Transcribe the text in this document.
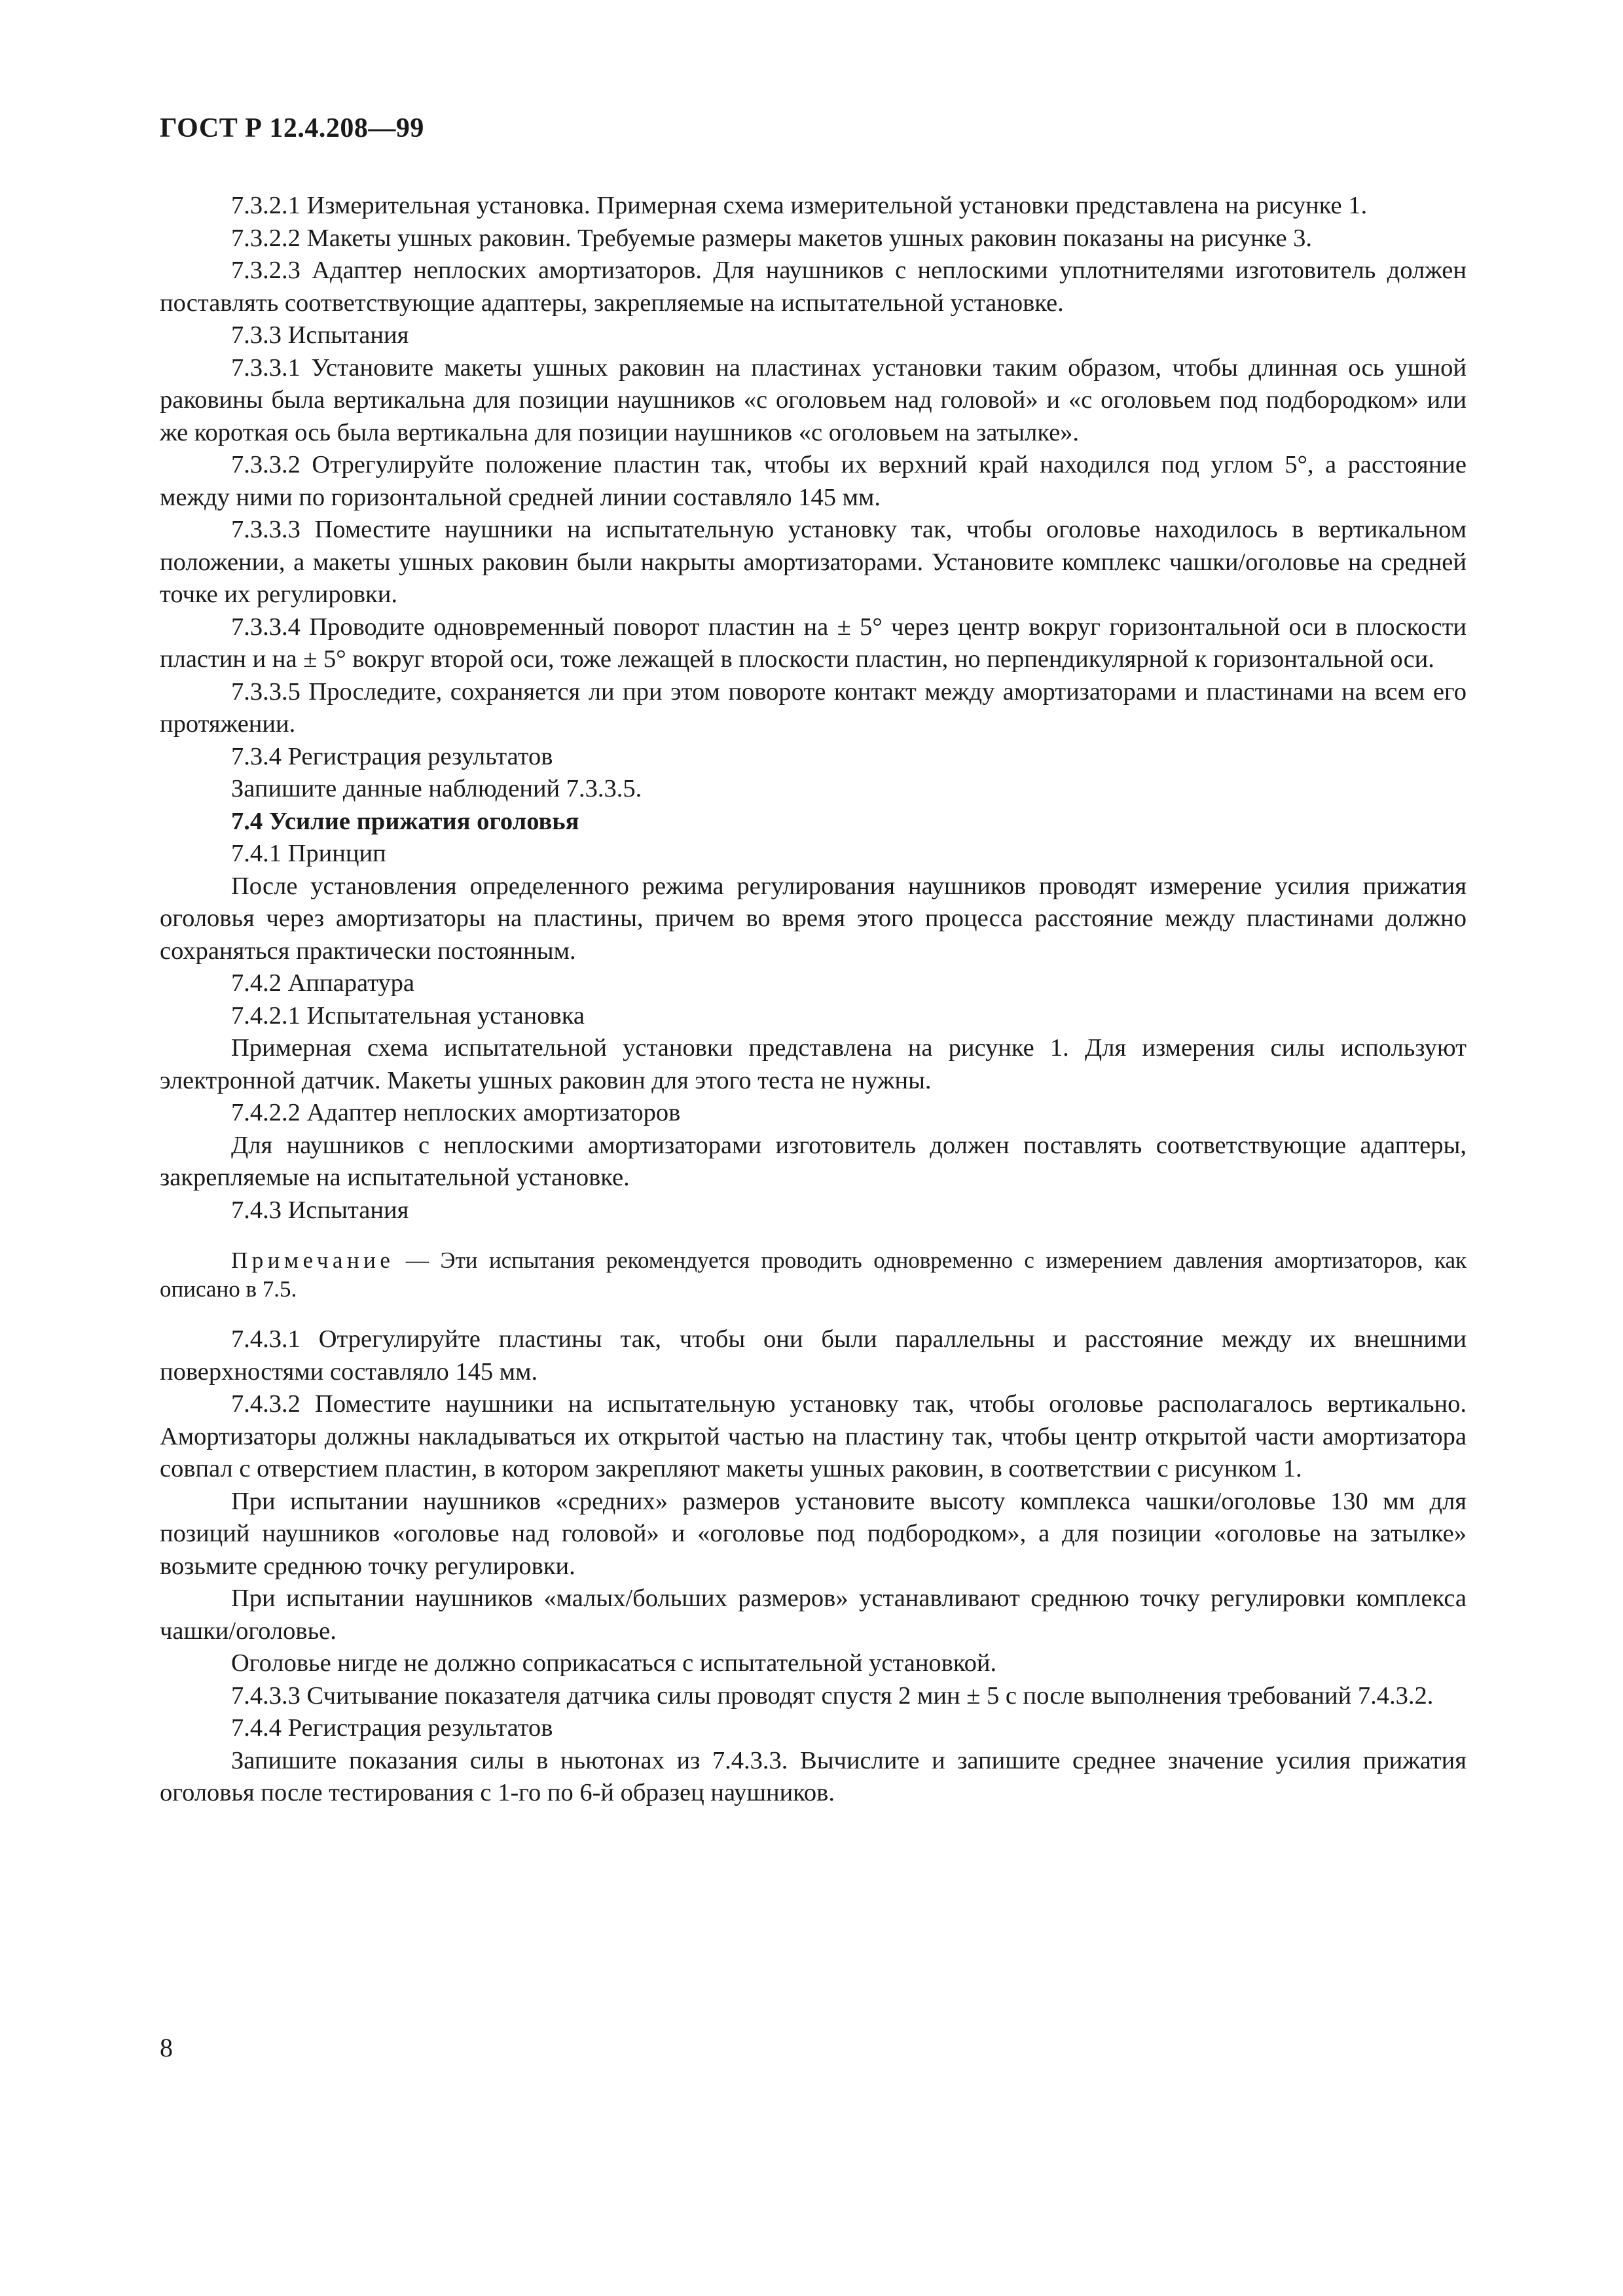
ГОСТ Р 12.4.208—99

7.3.2.1 Измерительная установка. Примерная схема измерительной установки представлена на рисунке 1.

7.3.2.2 Макеты ушных раковин. Требуемые размеры макетов ушных раковин показаны на рисунке 3.

7.3.2.3 Адаптер неплоских амортизаторов. Для наушников с неплоскими уплотнителями изготовитель должен поставлять соответствующие адаптеры, закрепляемые на испытательной установке.

7.3.3 Испытания

7.3.3.1 Установите макеты ушных раковин на пластинах установки таким образом, чтобы длинная ось ушной раковины была вертикальна для позиции наушников «с оголовьем над головой» и «с оголовьем под подбородком» или же короткая ось была вертикальна для позиции наушников «с оголовьем на затылке».

7.3.3.2 Отрегулируйте положение пластин так, чтобы их верхний край находился под углом 5°, а расстояние между ними по горизонтальной средней линии составляло 145 мм.

7.3.3.3 Поместите наушники на испытательную установку так, чтобы оголовье находилось в вертикальном положении, а макеты ушных раковин были накрыты амортизаторами. Установите комплекс чашки/оголовье на средней точке их регулировки.

7.3.3.4 Проводите одновременный поворот пластин на ± 5° через центр вокруг горизонтальной оси в плоскости пластин и на ± 5° вокруг второй оси, тоже лежащей в плоскости пластин, но перпендикулярной к горизонтальной оси.

7.3.3.5 Проследите, сохраняется ли при этом повороте контакт между амортизаторами и пластинами на всем его протяжении.

7.3.4 Регистрация результатов

Запишите данные наблюдений 7.3.3.5.

7.4 Усилие прижатия оголовья

7.4.1 Принцип

После установления определенного режима регулирования наушников проводят измерение усилия прижатия оголовья через амортизаторы на пластины, причем во время этого процесса расстояние между пластинами должно сохраняться практически постоянным.

7.4.2 Аппаратура

7.4.2.1 Испытательная установка

Примерная схема испытательной установки представлена на рисунке 1. Для измерения силы используют электронной датчик. Макеты ушных раковин для этого теста не нужны.

7.4.2.2 Адаптер неплоских амортизаторов

Для наушников с неплоскими амортизаторами изготовитель должен поставлять соответствующие адаптеры, закрепляемые на испытательной установке.

7.4.3 Испытания

Примечание — Эти испытания рекомендуется проводить одновременно с измерением давления амортизаторов, как описано в 7.5.

7.4.3.1 Отрегулируйте пластины так, чтобы они были параллельны и расстояние между их внешними поверхностями составляло 145 мм.

7.4.3.2 Поместите наушники на испытательную установку так, чтобы оголовье располагалось вертикально. Амортизаторы должны накладываться их открытой частью на пластину так, чтобы центр открытой части амортизатора совпал с отверстием пластин, в котором закрепляют макеты ушных раковин, в соответствии с рисунком 1.

При испытании наушников «средних» размеров установите высоту комплекса чашки/оголовье 130 мм для позиций наушников «оголовье над головой» и «оголовье под подбородком», а для позиции «оголовье на затылке» возьмите среднюю точку регулировки.

При испытании наушников «малых/больших размеров» устанавливают среднюю точку регулировки комплекса чашки/оголовье.

Оголовье нигде не должно соприкасаться с испытательной установкой.

7.4.3.3 Считывание показателя датчика силы проводят спустя 2 мин ± 5 с после выполнения требований 7.4.3.2.

7.4.4 Регистрация результатов

Запишите показания силы в ньютонах из 7.4.3.3. Вычислите и запишите среднее значение усилия прижатия оголовья после тестирования с 1-го по 6-й образец наушников.

8
